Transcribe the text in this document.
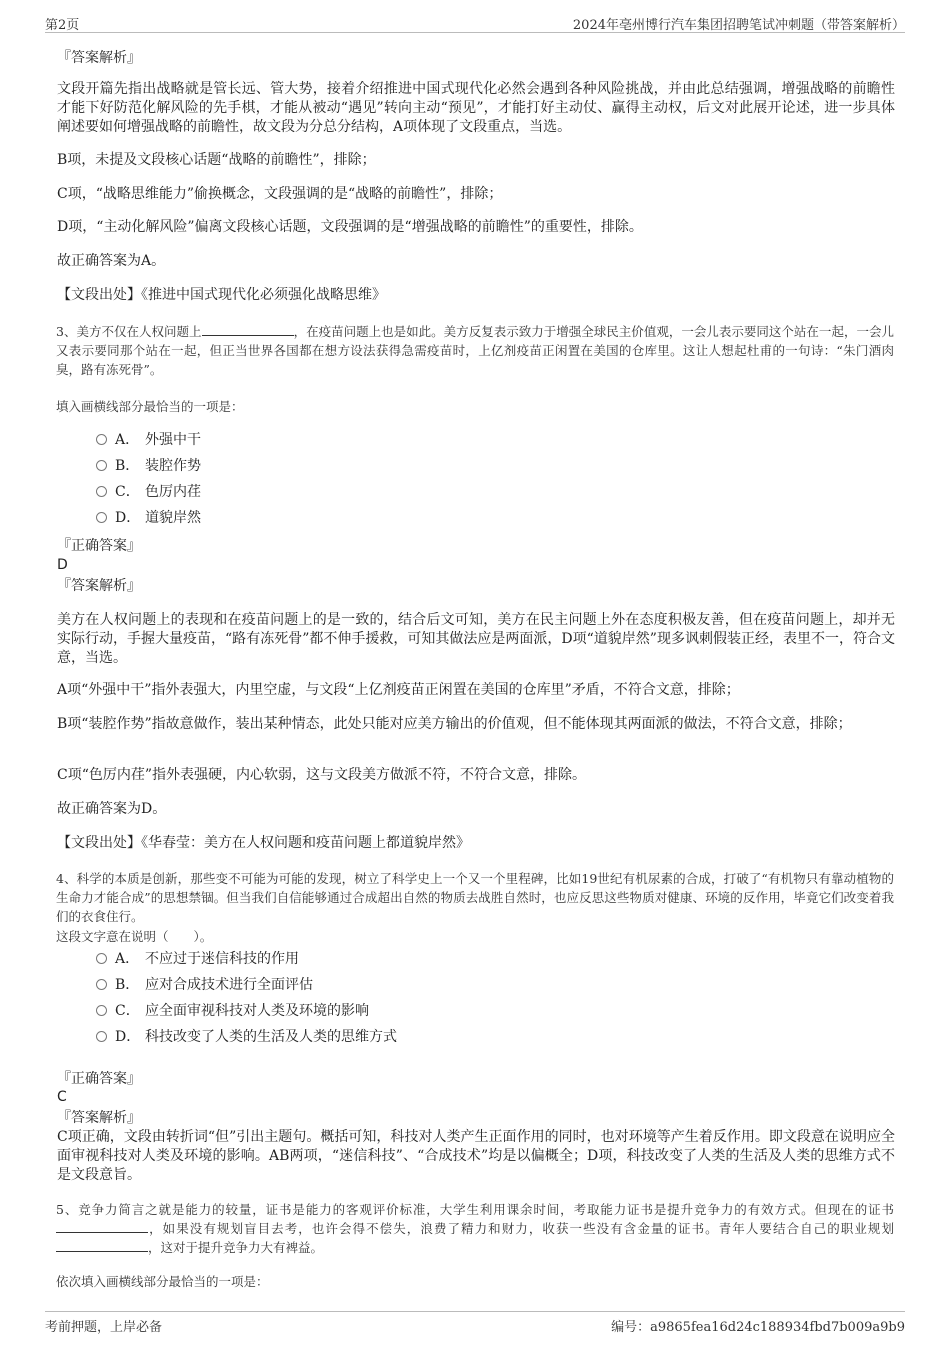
第2页	2024年亳州博行汽车集团招聘笔试冲刺题（带答案解析）

『答案解析』

文段开篇先指出战略就是管长远、管大势，接着介绍推进中国式现代化必然会遇到各种风险挑战，并由此总结强调，增强战略的前瞻性才能下好防范化解风险的先手棋，才能从被动“遇见”转向主动“预见”，才能打好主动仗、赢得主动权，后文对此展开论述，进一步具体阐述要如何增强战略的前瞻性，故文段为分总分结构，A项体现了文段重点，当选。

B项，未提及文段核心话题“战略的前瞻性”，排除；

C项，“战略思维能力”偷换概念，文段强调的是“战略的前瞻性”，排除；

D项，“主动化解风险”偏离文段核心话题，文段强调的是“增强战略的前瞻性”的重要性，排除。

故正确答案为A。

【文段出处】《推进中国式现代化必须强化战略思维》

3、美方不仅在人权问题上	，在疫苗问题上也是如此。美方反复表示致力于增强全球民主价值观，一会儿表示要同这个站在一起，一会儿又表示要同那个站在一起，但正当世界各国都在想方设法获得急需疫苗时，上亿剂疫苗正闲置在美国的仓库里。这让人想起杜甫的一句诗：“朱门酒肉臭，路有冻死骨”。

填入画横线部分最恰当的一项是：

A． 外强中干
B． 装腔作势
C． 色厉内荏
D． 道貌岸然

『正确答案』

D

『答案解析』

美方在人权问题上的表现和在疫苗问题上的是一致的，结合后文可知，美方在民主问题上外在态度积极友善，但在疫苗问题上，却并无实际行动，手握大量疫苗，“路有冻死骨”都不伸手援救，可知其做法应是两面派，D项“道貌岸然”现多讽刺假装正经，表里不一，符合文意，当选。

A项“外强中干”指外表强大，内里空虚，与文段“上亿剂疫苗正闲置在美国的仓库里”矛盾，不符合文意，排除；

B项“装腔作势”指故意做作，装出某种情态，此处只能对应美方输出的价值观，但不能体现其两面派的做法，不符合文意，排除；

C项“色厉内荏”指外表强硬，内心软弱，这与文段美方做派不符，不符合文意，排除。

故正确答案为D。

【文段出处】《华春莹：美方在人权问题和疫苗问题上都道貌岸然》

4、科学的本质是创新，那些变不可能为可能的发现，树立了科学史上一个又一个里程碑，比如19世纪有机尿素的合成，打破了“有机物只有靠动植物的生命力才能合成”的思想禁锢。但当我们自信能够通过合成超出自然的物质去战胜自然时，也应反思这些物质对健康、环境的反作用，毕竟它们改变着我们的衣食住行。

这段文字意在说明（　　）。

A． 不应过于迷信科技的作用
B． 应对合成技术进行全面评估
C． 应全面审视科技对人类及环境的影响
D． 科技改变了人类的生活及人类的思维方式

『正确答案』

C

『答案解析』

C项正确，文段由转折词“但”引出主题句。概括可知，科技对人类产生正面作用的同时，也对环境等产生着反作用。即文段意在说明应全面审视科技对人类及环境的影响。AB两项，“迷信科技”、“合成技术”均是以偏概全；D项，科技改变了人类的生活及人类的思维方式不是文段意旨。

5、竞争力简言之就是能力的较量，证书是能力的客观评价标准，大学生利用课余时间，考取能力证书是提升竞争力的有效方式。但现在的证书，如果没有规划盲目去考，也许会得不偿失，浪费了精力和财力，收获一些没有含金量的证书。青年人要结合自己的职业规划，这对于提升竞争力大有裨益。

依次填入画横线部分最恰当的一项是：

考前押题，上岸必备	编号：a9865fea16d24c188934fbd7b009a9b9
